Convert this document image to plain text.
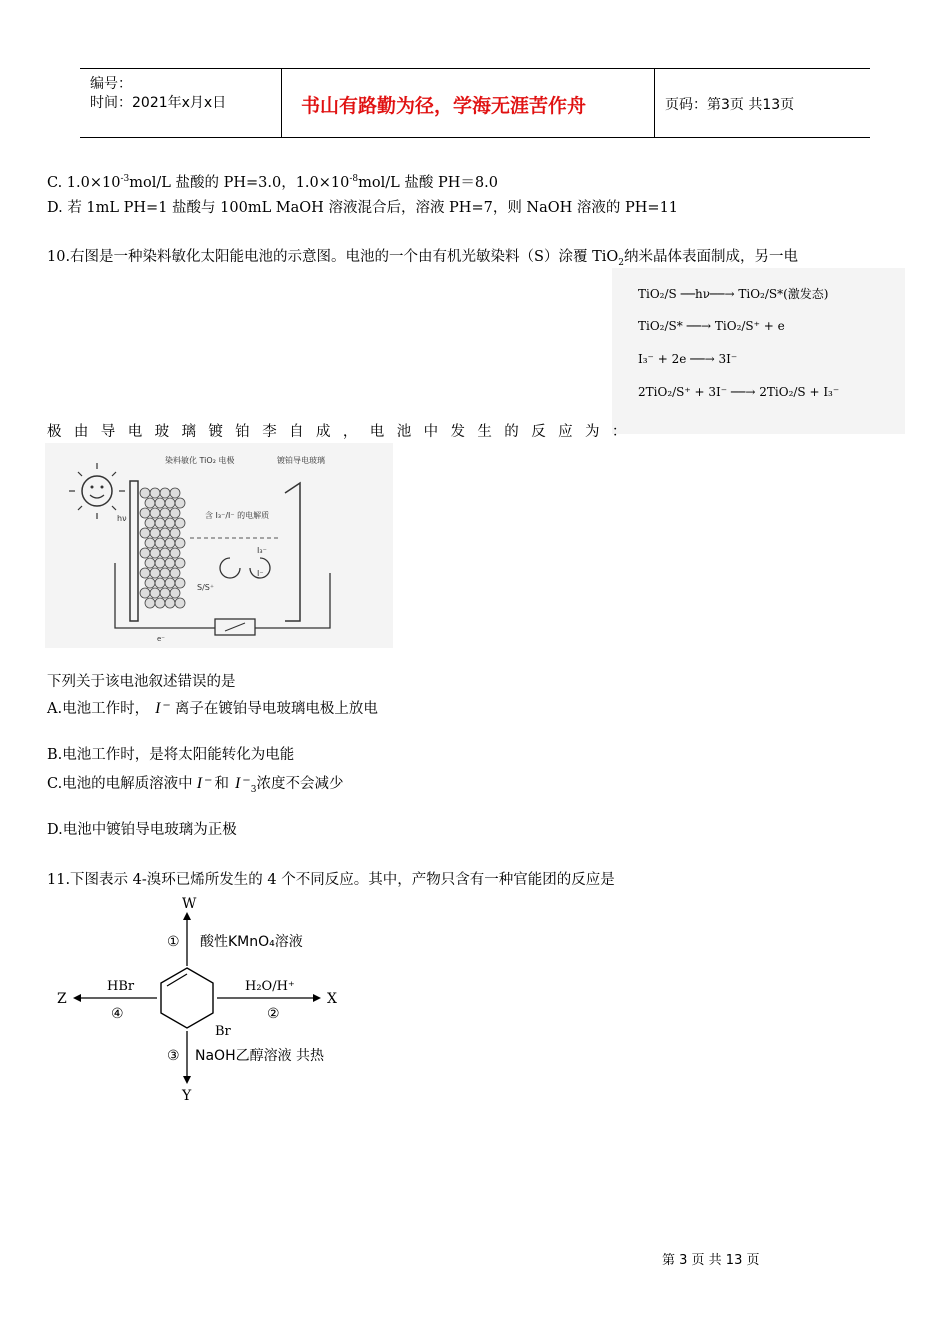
编号：
时间：2021年x月x日	书山有路勤为径，学海无涯苦作舟	页码：第3页 共13页
C. $1.0\times 10^{-3}mol/L$ 盐酸的 PH=3.0，$1.0\times 10^{-8}mol/L$ 盐酸 PH＝8.0
D. 若 1mL PH=1 盐酸与 100mL MaOH 溶液混合后，溶液 PH=7，则 NaOH 溶液的 PH=11
10.右图是一种染料敏化太阳能电池的示意图。电池的一个由有机光敏染料（S）涂覆 TiO$_2$纳米晶体表面制成，另一电
TiO₂/S ──hν──→ TiO₂/S*(激发态)
TiO₂/S* ──→ TiO₂/S⁺ + e
I₃⁻ + 2e ──→ 3I⁻
2TiO₂/S⁺ + 3I⁻ ──→ 2TiO₂/S + I₃⁻
极由导电玻璃镀铂李自成，电池中发生的反应为：
染料敏化 TiO₂ 电极	镀铂导电玻璃
含 I₃⁻/I⁻ 的电解质
hν
S/S⁺
I₃⁻
I⁻
e⁻
下列关于该电池叙述错误的是
A.电池工作时， I⁻ 离子在镀铂导电玻璃电极上放电
B.电池工作时，是将太阳能转化为电能
C.电池的电解质溶液中 I⁻ 和 I⁻ $_3$浓度不会减少
D.电池中镀铂导电玻璃为正极
11.下图表示 4-溴环已烯所发生的 4 个不同反应。其中，产物只含有一种官能团的反应是
W
① 酸性KMnO₄溶液
Br
H₂O/H⁺
②
X
HBr
④
Z
③ NaOH乙醇溶液 共热
Y
第 3 页 共 13 页
